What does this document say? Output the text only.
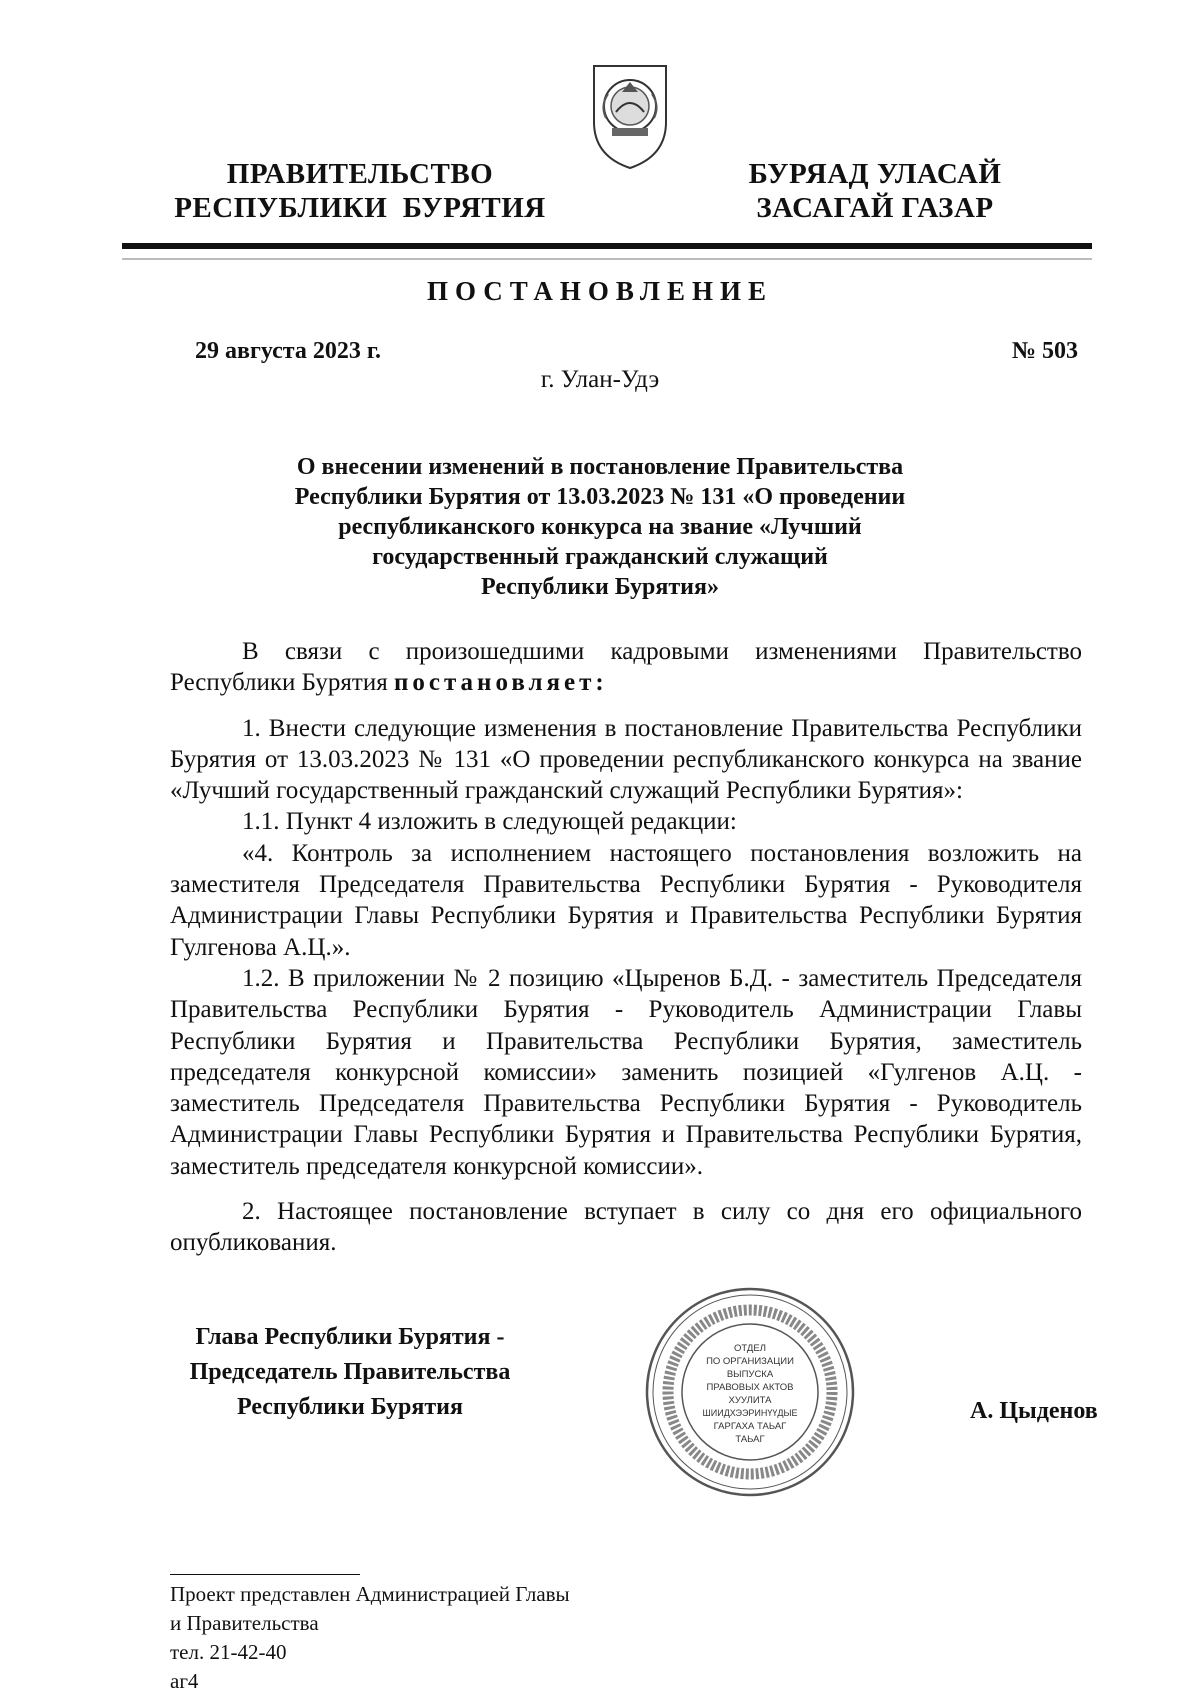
ПРАВИТЕЛЬСТВО
РЕСПУБЛИКИ  БУРЯТИЯ
БУРЯАД УЛАСАЙ
ЗАСАГАЙ ГАЗАР
ПОСТАНОВЛЕНИЕ
29 августа 2023 г.	№ 503
г. Улан-Удэ
О внесении изменений в постановление Правительства
Республики Бурятия от 13.03.2023 № 131 «О проведении
республиканского конкурса на звание «Лучший
государственный гражданский служащий
Республики Бурятия»

В связи с произошедшими кадровыми изменениями Правительство Республики Бурятия постановляет:

1. Внести следующие изменения в постановление Правительства Республики Бурятия от 13.03.2023 № 131 «О проведении республиканского конкурса на звание «Лучший государственный гражданский служащий Республики Бурятия»:

1.1. Пункт 4 изложить в следующей редакции:

«4. Контроль за исполнением настоящего постановления возложить на заместителя Председателя Правительства Республики Бурятия - Руководителя Администрации Главы Республики Бурятия и Правительства Республики Бурятия Гулгенова А.Ц.».

1.2. В приложении № 2 позицию «Цыренов Б.Д. - заместитель Председателя Правительства Республики Бурятия - Руководитель Администрации Главы Республики Бурятия и Правительства Республики Бурятия, заместитель председателя конкурсной комиссии» заменить позицией «Гулгенов А.Ц. - заместитель Председателя Правительства Республики Бурятия - Руководитель Администрации Главы Республики Бурятия и Правительства Республики Бурятия, заместитель председателя конкурсной комиссии».

2. Настоящее постановление вступает в силу со дня его официального опубликования.

Глава Республики Бурятия -
Председатель Правительства
Республики Бурятия
ОТДЕЛ
ПО ОРГАНИЗАЦИИ
ВЫПУСКА
ПРАВОВЫХ АКТОВ
ХУУЛИТА
ШИИДХЭЭРИНҮҮДЫЕ
ГАРГАХА ТАЬАГ
ТАЬАГ
А. Цыденов
Проект представлен Администрацией Главы
и Правительства
тел. 21-42-40
аг4
